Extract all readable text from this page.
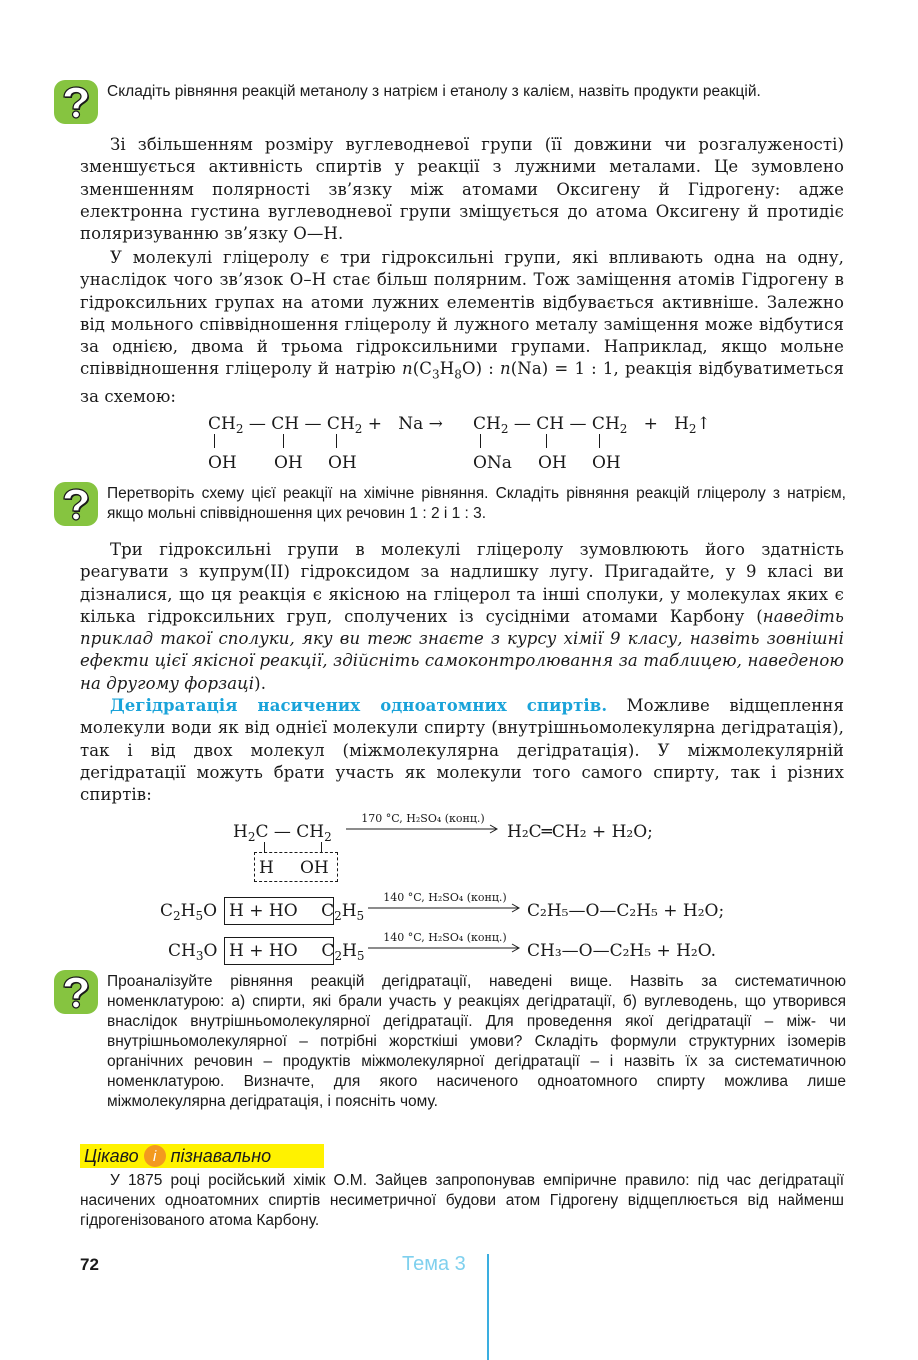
Складіть рівняння реакцій метанолу з натрієм і етанолу з калієм, назвіть продукти реакцій.

Зі збільшенням розміру вуглеводневої групи (її довжини чи розгалуженості) зменшується активність спиртів у реакції з лужними металами. Це зумовлено зменшенням полярності зв’язку між атомами Оксигену й Гідрогену: адже електронна густина вуглеводневої групи зміщується до атома Оксигену й протидіє поляризуванню зв’язку O—H.

У молекулі гліцеролу є три гідроксильні групи, які впливають одна на одну, унаслідок чого зв’язок О–Н стає більш полярним. Тож заміщення атомів Гідрогену в гідроксильних групах на атоми лужних елементів відбувається активніше. Залежно від мольного співвідношення гліцеролу й лужного металу заміщення може відбутися за однією, двома й трьома гідроксильними групами. Наприклад, якщо мольне співвідношення гліцеролу й натрію $n(C_3H_8O)$ : n(Na) = 1 : 1, реакція відбуватиметься за схемою:

$CH_2$ — CH — $CH_2 + Na \to CH_2$ — CH — $CH_2$   +   $H_2↑$
OH OH OH	ONa OH OH
Перетворіть схему цієї реакції на хімічне рівняння. Складіть рівняння реакцій гліцеролу з натрієм, якщо мольні співвідношення цих речовин 1 : 2 і 1 : 3.

Три гідроксильні групи в молекулі гліцеролу зумовлюють його здатність реагувати з купрум(ІІ) гідроксидом за надлишку лугу. Пригадайте, у 9 класі ви дізналися, що ця реакція є якісною на гліцерол та інші сполуки, у молекулах яких є кілька гідроксильних груп, сполучених із сусідніми атомами Карбону (наведіть приклад такої сполуки, яку ви теж знаєте з курсу хімії 9 класу, назвіть зовнішні ефекти цієї якісної реакції, здійсніть самоконтролювання за таблицею, наведеною на другому форзаці).

Дегідратація насичених одноатомних спиртів. Можливе відщеплення молекули води як від однієї молекули спирту (внутрішньомолекулярна дегідратація), так і від двох молекул (міжмолекулярна дегідратація). У міжмолекулярній дегідратації можуть брати участь як молекули того самого спирту, так і різних спиртів:

$H_2C$ — $CH_2$
170 °C, H₂SO₄ (конц.)
H₂C═CH₂ + H₂O;
H OH
$C_2H_5O$	$C_2H_5$
H + HO
140 °C, H₂SO₄ (конц.)
C₂H₅—O—C₂H₅ + H₂O;
$CH_3O$	$C_2H_5$
H + HO
140 °C, H₂SO₄ (конц.)
CH₃—O—C₂H₅ + H₂O.
Проаналізуйте рівняння реакцій дегідратації, наведені вище. Назвіть за систематичною номенклатурою: а) спирти, які брали участь у реакціях дегідратації, б) вуглеводень, що утворився внаслідок внутрішньомолекулярної дегідратації. Для проведення якої дегідратації – між- чи внутрішньомолекулярної – потрібні жорсткіші умови? Складіть формули структурних ізомерів органічних речовин – продуктів міжмолекулярної дегідратації – і назвіть їх за систематичною номенклатурою. Визначте, для якого насиченого одноатомного спирту можлива лише міжмолекулярна дегідратація, і поясніть чому.
Цікаво і пізнавально
У 1875 році російський хімік О.М. Зайцев запропонував емпіричне правило: під час дегідратації насичених одноатомних спиртів несиметричної будови атом Гідрогену відщеплюється від найменш гідрогенізованого атома Карбону.
72	Тема 3
